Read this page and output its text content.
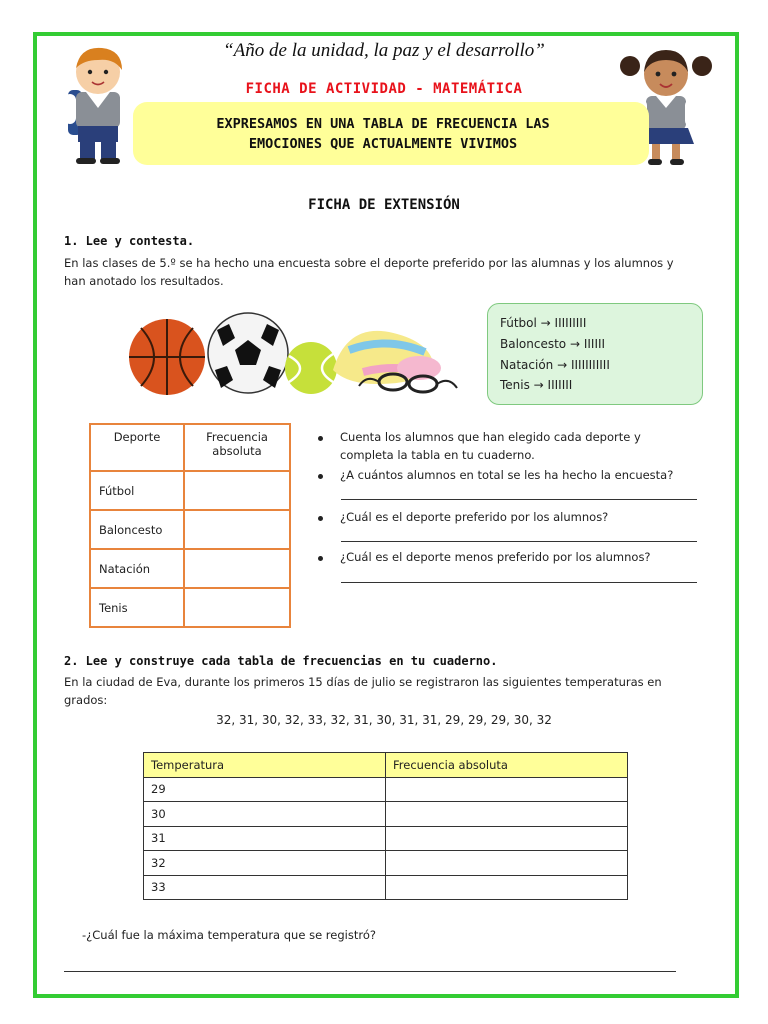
“Año de la unidad, la paz y el desarrollo”
FICHA DE ACTIVIDAD - MATEMÁTICA
EXPRESAMOS EN UNA TABLA DE FRECUENCIA LAS
EMOCIONES QUE ACTUALMENTE VIVIMOS
FICHA DE EXTENSIÓN
1. Lee y contesta.
En las clases de 5.º se ha hecho una encuesta sobre el deporte preferido por las alumnas y los alumnos y
han anotado los resultados.
Fútbol → IIIIIIIII
Baloncesto → IIIIII
Natación → IIIIIIIIIII
Tenis → IIIIIII
Deporte	Frecuencia
absoluta

Fútbol	
Baloncesto	
Natación	
Tenis	
Cuenta los alumnos que han elegido cada deporte y
completa la tabla en tu cuaderno.
¿A cuántos alumnos en total se les ha hecho la encuesta?
¿Cuál es el deporte preferido por los alumnos?
¿Cuál es el deporte menos preferido por los alumnos?
2. Lee y construye cada tabla de frecuencias en tu cuaderno.
En la ciudad de Eva, durante los primeros 15 días de julio se registraron las siguientes temperaturas en
grados:
32, 31, 30, 32, 33, 32, 31, 30, 31, 31, 29, 29, 29, 30, 32
Temperatura	Frecuencia absoluta
29	
30	
31	
32	
33	
-¿Cuál fue la máxima temperatura que se registró?
